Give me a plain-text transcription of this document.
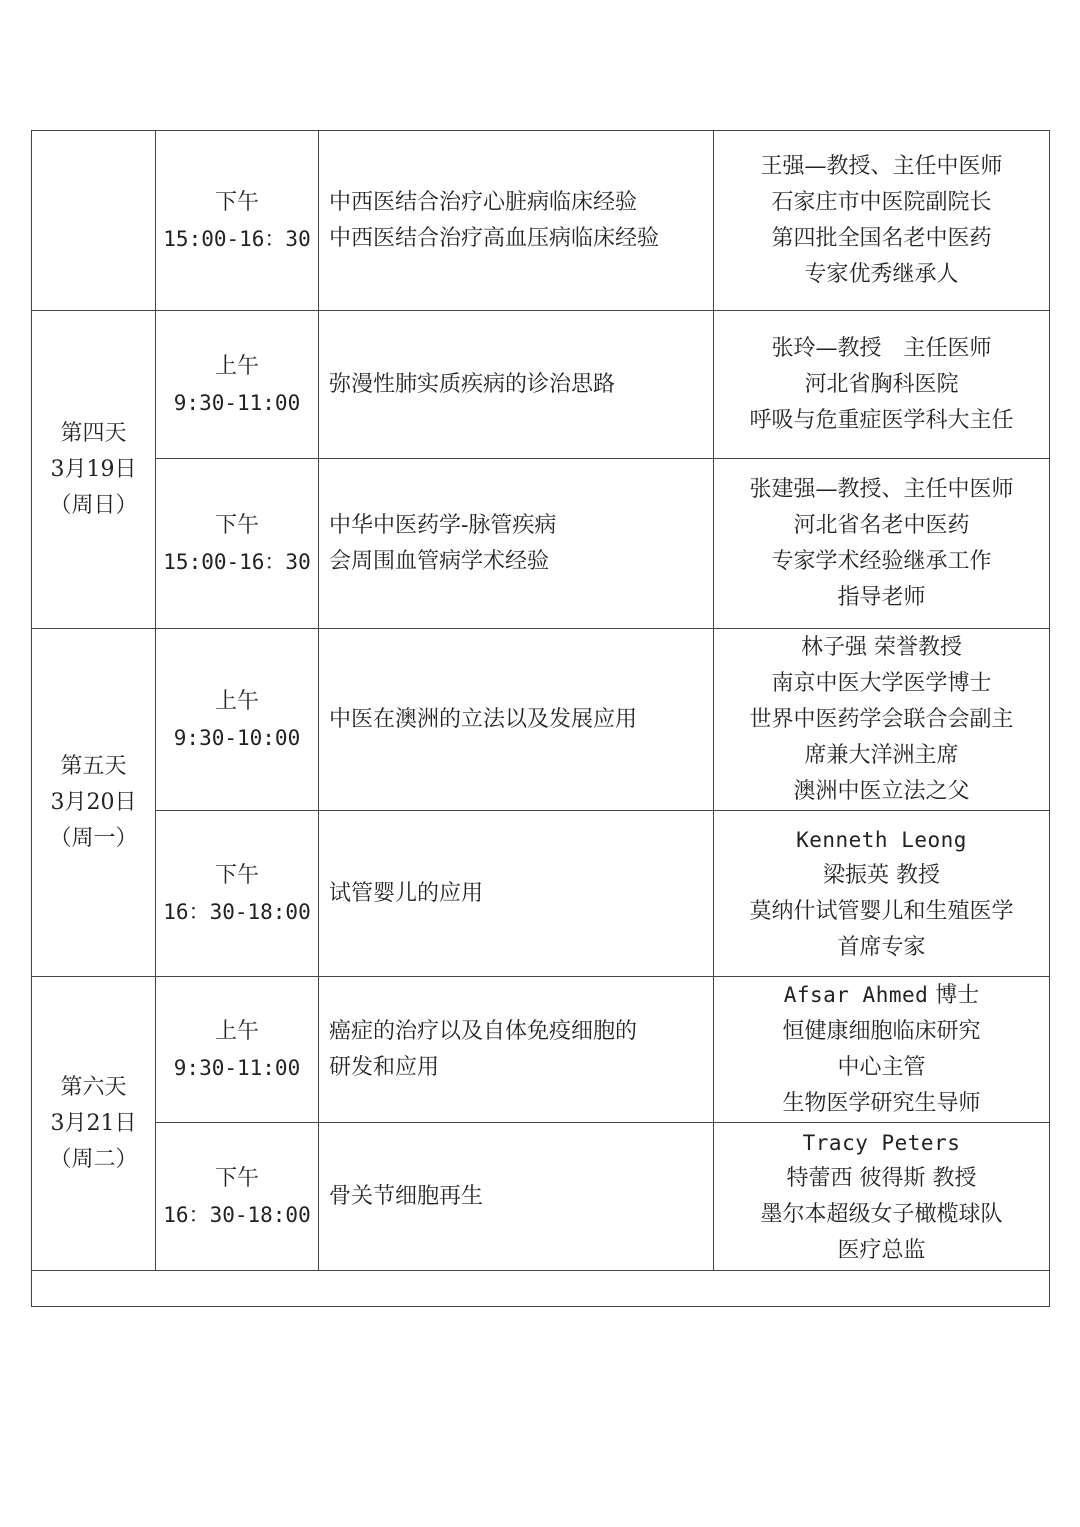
	下午
15:00-16：30	中西医结合治疗心脏病临床经验
中西医结合治疗高血压病临床经验	王强—教授、主任中医师
石家庄市中医院副院长
第四批全国名老中医药
专家优秀继承人

第四天
3月19日
（周日）	上午
9:30-11:00	弥漫性肺实质疾病的诊治思路	张玲—教授　主任医师
河北省胸科医院
呼吸与危重症医学科大主任

	下午
15:00-16：30	中华中医药学-脉管疾病
会周围血管病学术经验	张建强—教授、主任中医师
河北省名老中医药
专家学术经验继承工作
指导老师

第五天
3月20日
（周一）	上午
9:30-10:00	中医在澳洲的立法以及发展应用	林子强 荣誉教授
南京中医大学医学博士
世界中医药学会联合会副主
席兼大洋洲主席
澳洲中医立法之父

	下午
16：30-18:00	试管婴儿的应用	Kenneth Leong
梁振英 教授
莫纳什试管婴儿和生殖医学
首席专家

第六天
3月21日
（周二）	上午
9:30-11:00	癌症的治疗以及自体免疫细胞的
研发和应用	Afsar Ahmed 博士
恒健康细胞临床研究
中心主管
生物医学研究生导师

	下午
16：30-18:00	骨关节细胞再生	Tracy Peters
特蕾西 彼得斯 教授
墨尔本超级女子橄榄球队
医疗总监
